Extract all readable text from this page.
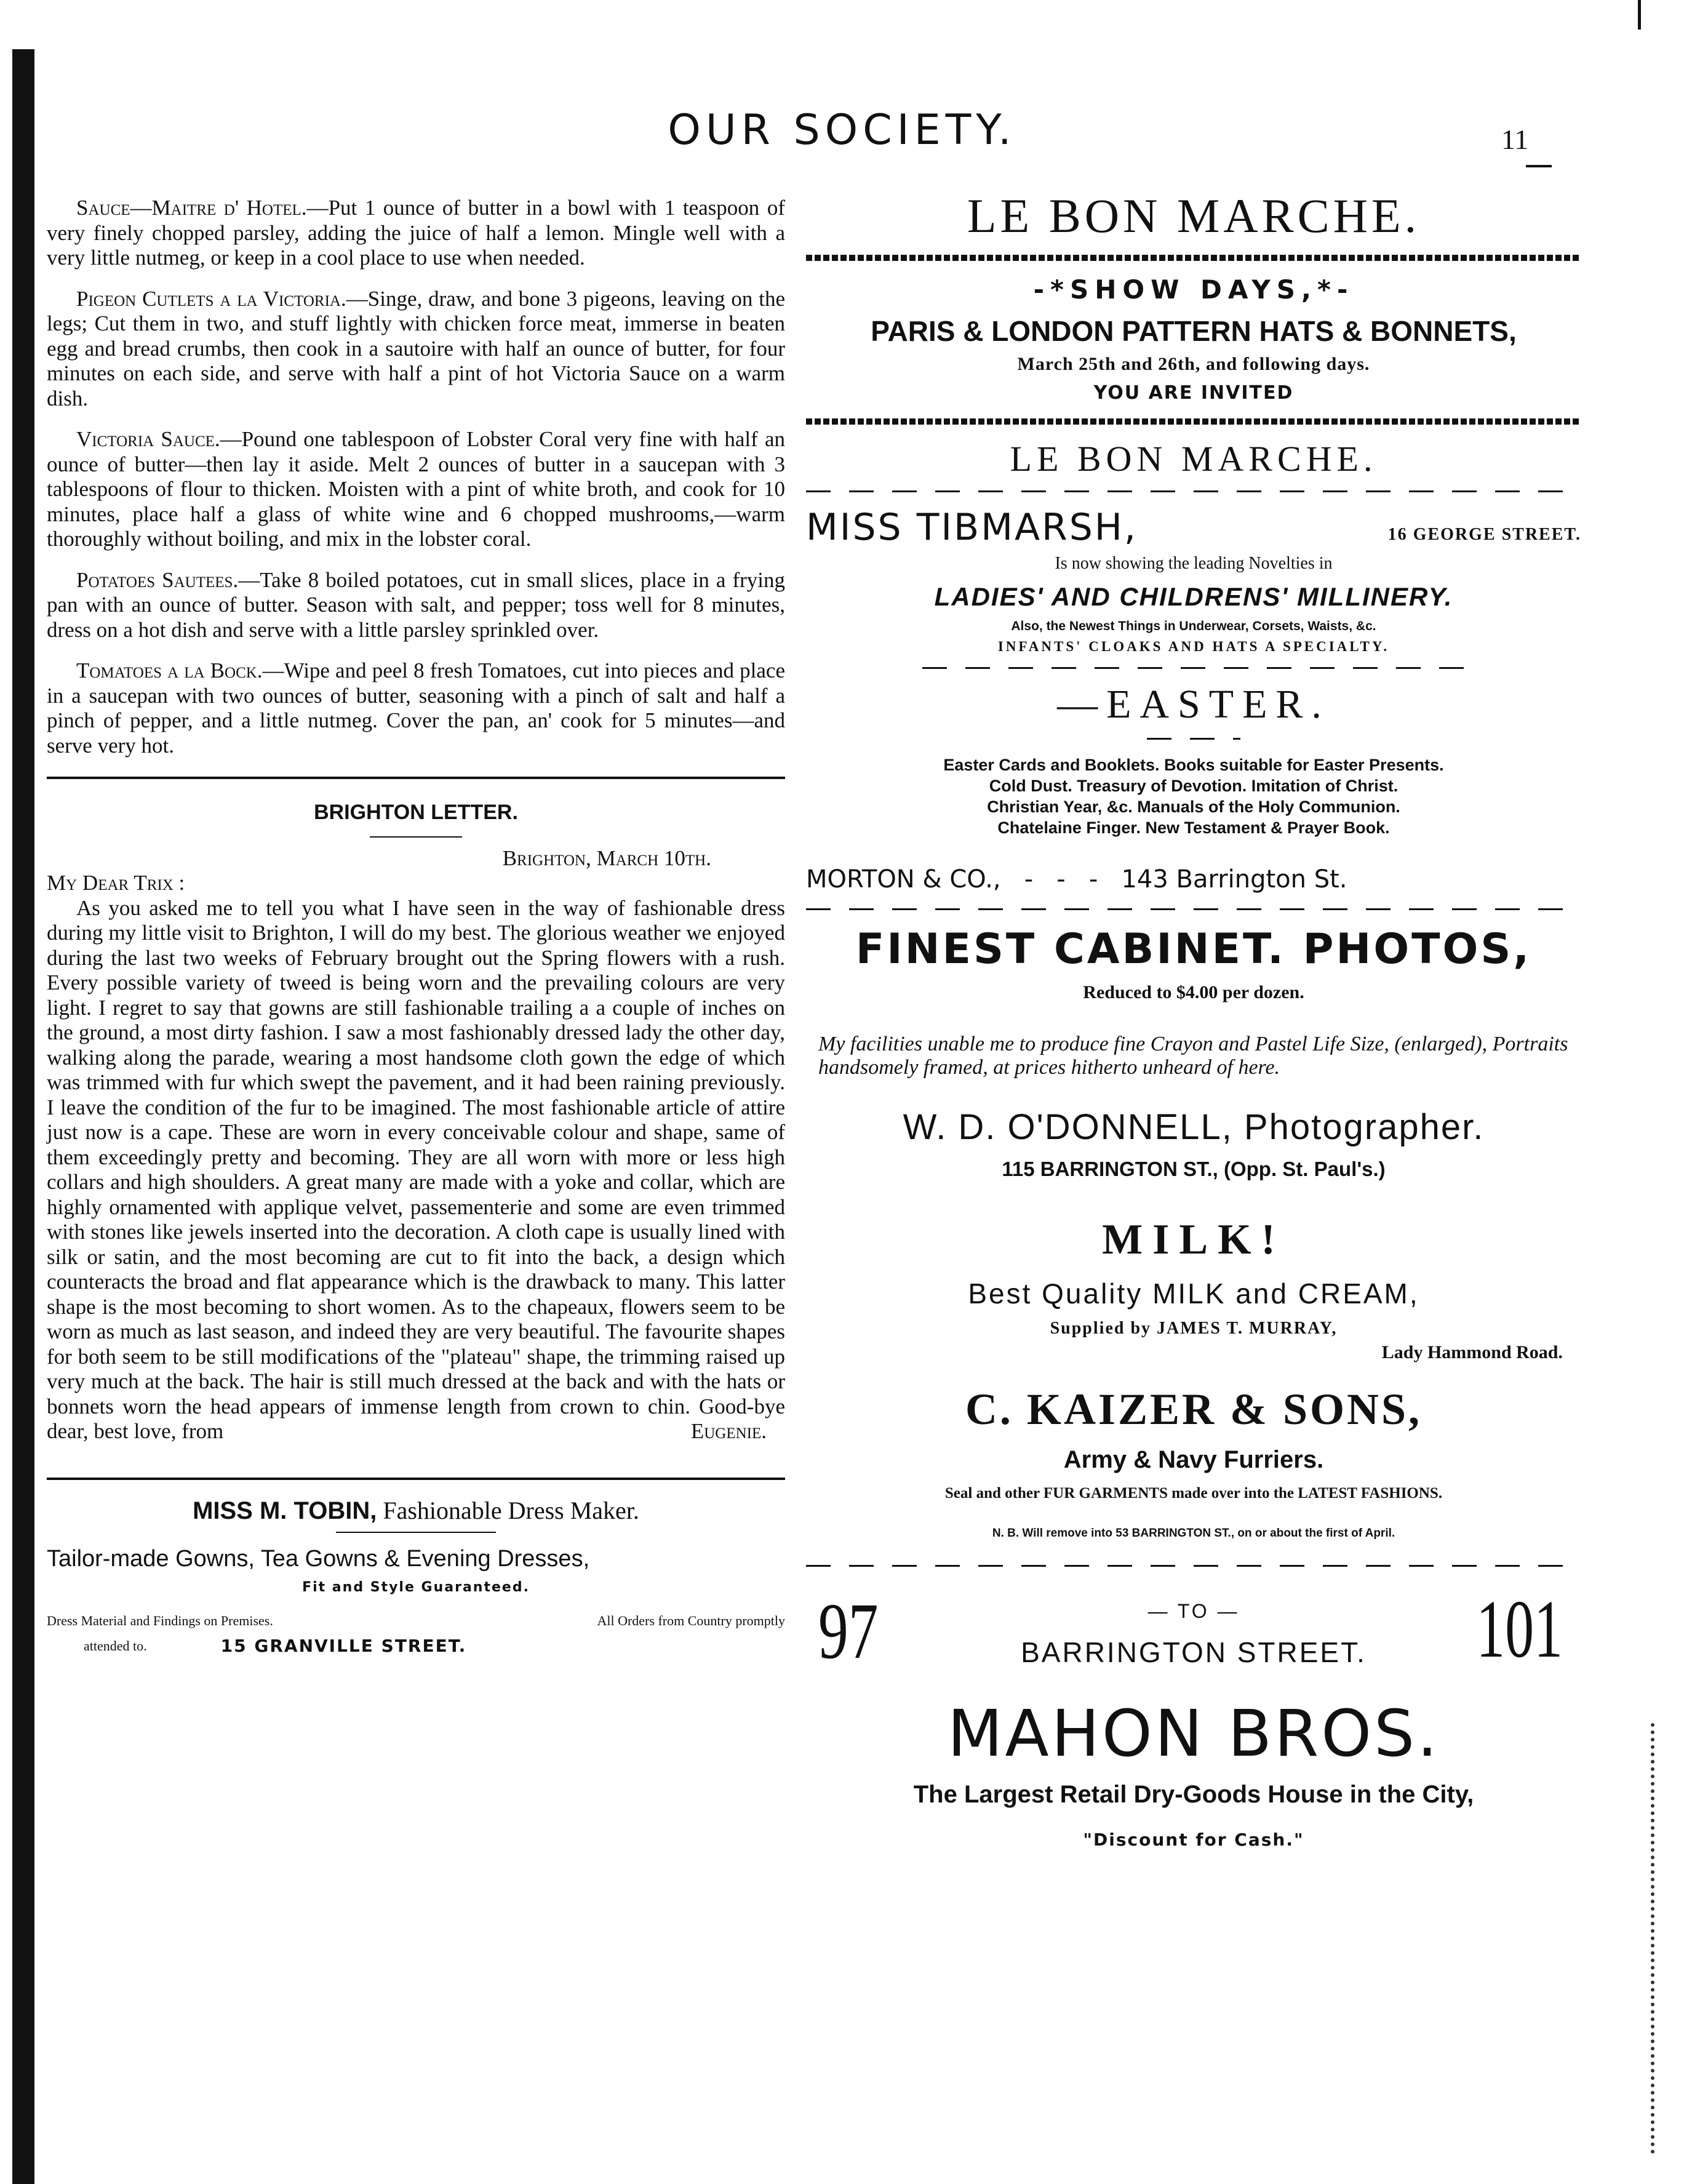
OUR SOCIETY.	11

Sauce—Maitre d' Hotel.—Put 1 ounce of butter in a bowl with 1 teaspoon of very finely chopped parsley, adding the juice of half a lemon. Mingle well with a very little nutmeg, or keep in a cool place to use when needed.

Pigeon Cutlets a la Victoria.—Singe, draw, and bone 3 pigeons, leaving on the legs; Cut them in two, and stuff lightly with chicken force meat, immerse in beaten egg and bread crumbs, then cook in a sautoire with half an ounce of butter, for four minutes on each side, and serve with half a pint of hot Victoria Sauce on a warm dish.

Victoria Sauce.—Pound one tablespoon of Lobster Coral very fine with half an ounce of butter—then lay it aside. Melt 2 ounces of butter in a saucepan with 3 tablespoons of flour to thicken. Moisten with a pint of white broth, and cook for 10 minutes, place half a glass of white wine and 6 chopped mushrooms,—warm thoroughly without boiling, and mix in the lobster coral.

Potatoes Sautees.—Take 8 boiled potatoes, cut in small slices, place in a frying pan with an ounce of butter. Season with salt, and pepper; toss well for 8 minutes, dress on a hot dish and serve with a little parsley sprinkled over.

Tomatoes a la Bock.—Wipe and peel 8 fresh Tomatoes, cut into pieces and place in a saucepan with two ounces of butter, seasoning with a pinch of salt and half a pinch of pepper, and a little nutmeg. Cover the pan, an' cook for 5 minutes—and serve very hot.

BRIGHTON LETTER.
Brighton, March 10th.
My Dear Trix :

As you asked me to tell you what I have seen in the way of fashionable dress during my little visit to Brighton, I will do my best. The glorious weather we enjoyed during the last two weeks of February brought out the Spring flowers with a rush. Every possible variety of tweed is being worn and the prevailing colours are very light. I regret to say that gowns are still fashionable trailing a a couple of inches on the ground, a most dirty fashion. I saw a most fashionably dressed lady the other day, walking along the parade, wearing a most handsome cloth gown the edge of which was trimmed with fur which swept the pavement, and it had been raining previously. I leave the condition of the fur to be imagined. The most fashionable article of attire just now is a cape. These are worn in every conceivable colour and shape, same of them exceedingly pretty and becoming. They are all worn with more or less high collars and high shoulders. A great many are made with a yoke and collar, which are highly ornamented with applique velvet, passementerie and some are even trimmed with stones like jewels inserted into the decoration. A cloth cape is usually lined with silk or satin, and the most becoming are cut to fit into the back, a design which counteracts the broad and flat appearance which is the drawback to many. This latter shape is the most becoming to short women. As to the chapeaux, flowers seem to be worn as much as last season, and indeed they are very beautiful. The favourite shapes for both seem to be still modifications of the "plateau" shape, the trimming raised up very much at the back. The hair is still much dressed at the back and with the hats or bonnets worn the head appears of immense length from crown to chin. Good-bye dear, best love, from	Eugenie.

MISS M. TOBIN, Fashionable Dress Maker.
Tailor-made Gowns, Tea Gowns & Evening Dresses,
Fit and Style Guaranteed.
Dress Material and Findings on Premises.	All Orders from Country promptly
attended to.	15 GRANVILLE STREET.
LE BON MARCHE.
-*SHOW DAYS,*-
PARIS & LONDON PATTERN HATS & BONNETS,
March 25th and 26th, and following days.
YOU ARE INVITED
LE BON MARCHE.
MISS TIBMARSH,	16 GEORGE STREET.
Is now showing the leading Novelties in
LADIES' AND CHILDRENS' MILLINERY.
Also, the Newest Things in Underwear, Corsets, Waists, &c.
INFANTS' CLOAKS AND HATS A SPECIALTY.
—EASTER.
Easter Cards and Booklets. Books suitable for Easter Presents.
Cold Dust. Treasury of Devotion. Imitation of Christ.
Christian Year, &c. Manuals of the Holy Communion.
Chatelaine Finger. New Testament & Prayer Book.
MORTON & CO.,   -   -   -   143 Barrington St.
FINEST CABINET. PHOTOS,
Reduced to $4.00 per dozen.
My facilities unable me to produce fine Crayon and Pastel Life Size, (enlarged), Portraits handsomely framed, at prices hitherto unheard of here.
W. D. O'DONNELL, Photographer.
115 BARRINGTON ST., (Opp. St. Paul's.)
MILK!
Best Quality MILK and CREAM,
Supplied by JAMES T. MURRAY,
Lady Hammond Road.
C. KAIZER & SONS,
Army & Navy Furriers.
Seal and other FUR GARMENTS made over into the LATEST FASHIONS.
N. B. Will remove into 53 BARRINGTON ST., on or about the first of April.
97	— TO —
BARRINGTON STREET.	101
MAHON BROS.
The Largest Retail Dry-Goods House in the City,
"Discount for Cash."
